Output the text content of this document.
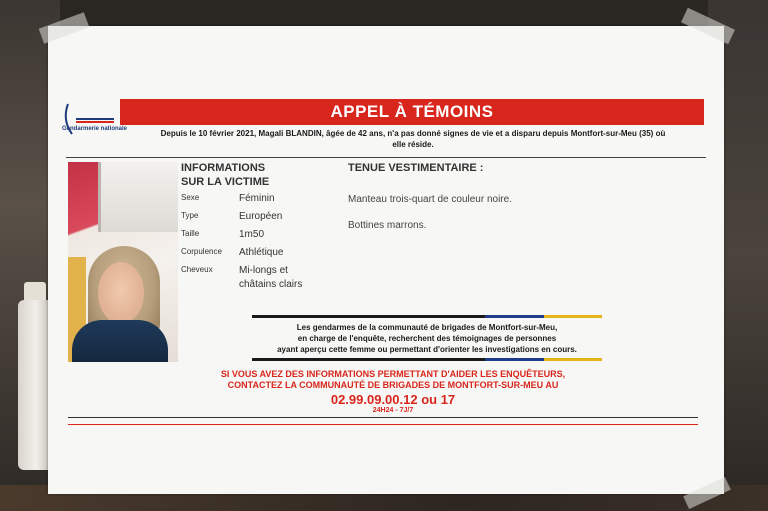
Gendarmerie nationale
APPEL À TÉMOINS
Depuis le 10 février 2021, Magali BLANDIN, âgée de 42 ans, n'a pas donné signes de vie et a disparu depuis Montfort-sur-Meu (35) où
elle réside.
INFORMATIONS
SUR LA VICTIME
Sexe	Féminin
Type	Européen
Taille	1m50
Corpulence	Athlétique
Cheveux	Mi-longs et
châtains clairs
TENUE VESTIMENTAIRE :
Manteau trois-quart de couleur noire.
Bottines marrons.
Les gendarmes de la communauté de brigades de Montfort-sur-Meu,
en charge de l'enquête, recherchent des témoignages de personnes
ayant aperçu cette femme ou permettant d'orienter les investigations en cours.
SI VOUS AVEZ DES INFORMATIONS PERMETTANT D'AIDER LES ENQUÊTEURS,
CONTACTEZ LA COMMUNAUTÉ DE BRIGADES DE MONTFORT-SUR-MEU AU
02.99.09.00.12 ou 17
24H24 - 7J/7
